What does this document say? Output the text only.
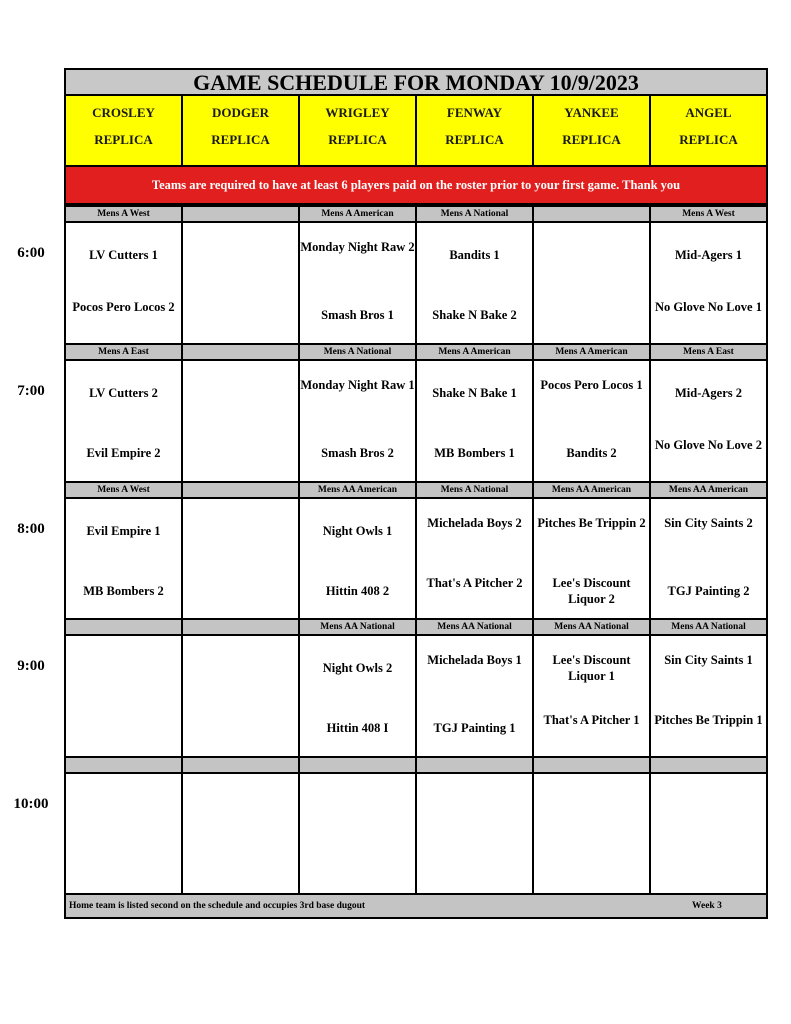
GAME SCHEDULE FOR MONDAY 10/9/2023
CROSLEY
REPLICA
DODGER
REPLICA
WRIGLEY
REPLICA
FENWAY
REPLICA
YANKEE
REPLICA
ANGEL
REPLICA
Teams are required to have at least 6 players paid on the roster prior to your first game. Thank you
Mens A West
LV Cutters 1
Pocos Pero Locos 2
Mens A American
Monday Night Raw 2
Smash Bros 1
Mens A National
Bandits 1
Shake N Bake 2
Mens A West
Mid-Agers 1
No Glove No Love 1
Mens A East
LV Cutters 2
Evil Empire 2
Mens A National
Monday Night Raw 1
Smash Bros 2
Mens A American
Shake N Bake 1
MB Bombers 1
Mens A American
Pocos Pero Locos 1
Bandits 2
Mens A East
Mid-Agers 2
No Glove No Love 2
Mens A West
Evil Empire 1
MB Bombers 2
Mens AA American
Night Owls 1
Hittin 408 2
Mens A National
Michelada Boys 2
That's A Pitcher 2
Mens AA American
Pitches Be Trippin 2
Lee's Discount Liquor 2
Mens AA American
Sin City Saints 2
TGJ Painting 2
Mens AA National
Night Owls 2
Hittin 408 I
Mens AA National
Michelada Boys 1
TGJ Painting 1
Mens AA National
Lee's Discount Liquor 1
That's A Pitcher 1
Mens AA National
Sin City Saints 1
Pitches Be Trippin 1
Home team is listed second on the schedule and occupies 3rd base dugout	Week 3
6:00
7:00
8:00
9:00
10:00
